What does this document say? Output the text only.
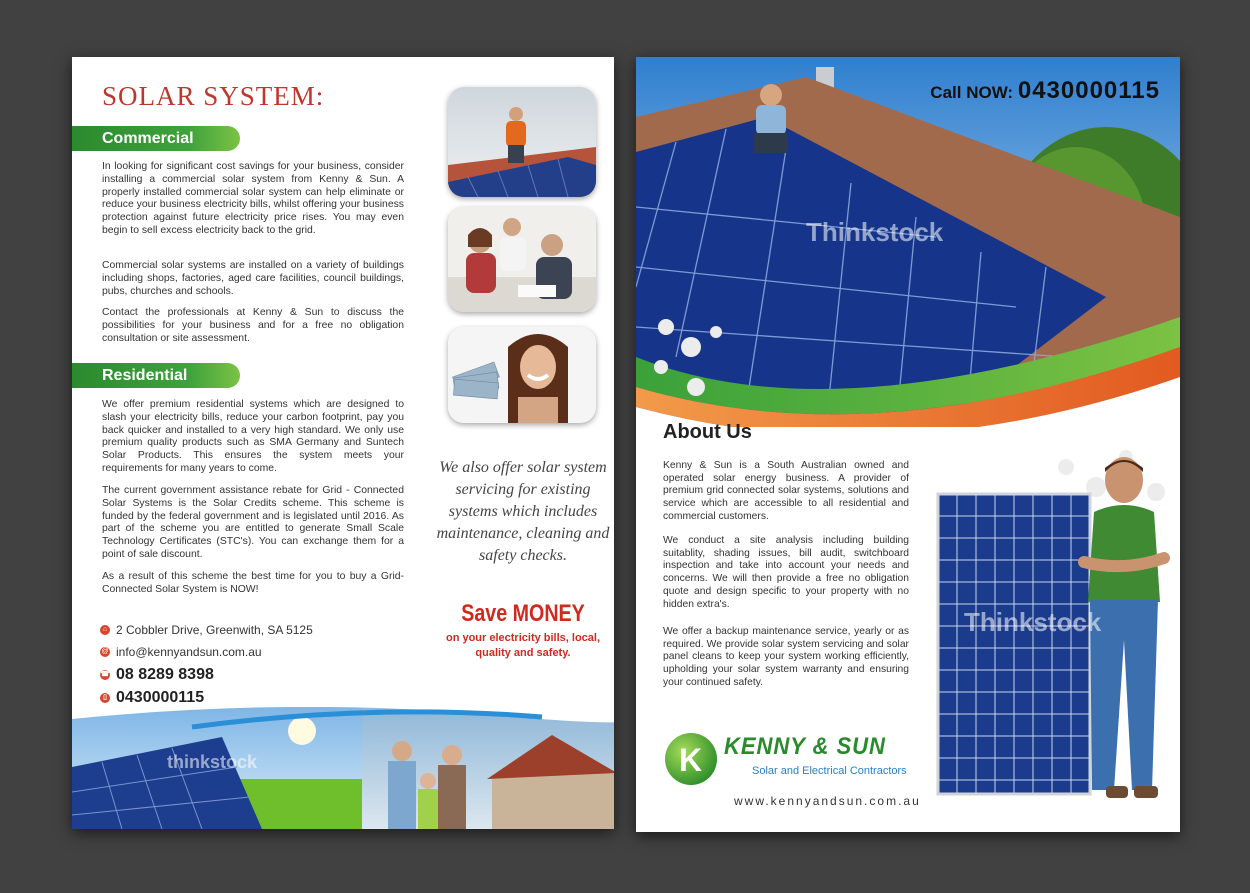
SOLAR SYSTEM:
Commercial

In looking for significant cost savings for your business, consider installing a commercial solar system from Kenny & Sun. A properly installed commercial solar system can help eliminate or reduce your business electricity bills, whilst offering your business protection against future electricity price rises. You may even begin to sell excess electricity back to the grid.

Commercial solar systems are installed on a variety of buildings including shops, factories, aged care facilities, council buildings, pubs, churches and schools.

Contact the professionals at Kenny & Sun to discuss the possibilities for your business and for a free no obligation consultation or site assessment.

Residential

We offer premium residential systems which are designed to slash your electricity bills, reduce your carbon footprint, pay you back quicker and installed to a very high standard. We only use premium quality products such as SMA Germany and Suntech Solar Products. This ensures the system meets your requirements for many years to come.

The current government assistance rebate for Grid - Connected Solar Systems is the Solar Credits scheme. This scheme is funded by the federal government and is legislated until 2016. As part of the scheme you are entitled to generate Small Scale Technology Certificates (STC's). You can exchange them for a point of sale discount.

As a result of this scheme the best time for you to buy a Grid-Connected Solar System is NOW!

⌂ 2 Cobbler Drive, Greenwith, SA 5125
@ info@kennyandsun.com.au
☎ 08 8289 8398
▯ 0430000115
We also offer solar system servicing for existing systems which includes maintenance, cleaning and safety checks.
Save MONEY
on your electricity bills, local, quality and safety.
thinkstock
Thinkstock
Call NOW: 0430000115
About Us

Kenny & Sun is a South Australian owned and operated solar energy business. A provider of premium grid connected solar systems, solutions and service which are accessible to all residential and commercial customers.

We conduct a site analysis including building suitablity, shading issues, bill audit, switchboard inspection and take into account your needs and concerns. We will then provide a free no obligation quote and design specific to your property with no hidden extra's.

We offer a backup maintenance service, yearly or as required. We provide solar system servicing and solar panel cleans to keep your system working efficiently, upholding your solar system warranty and ensuring your continued safety.

Thinkstock
K KENNY & SUN
Solar and Electrical Contractors
www.kennyandsun.com.au
